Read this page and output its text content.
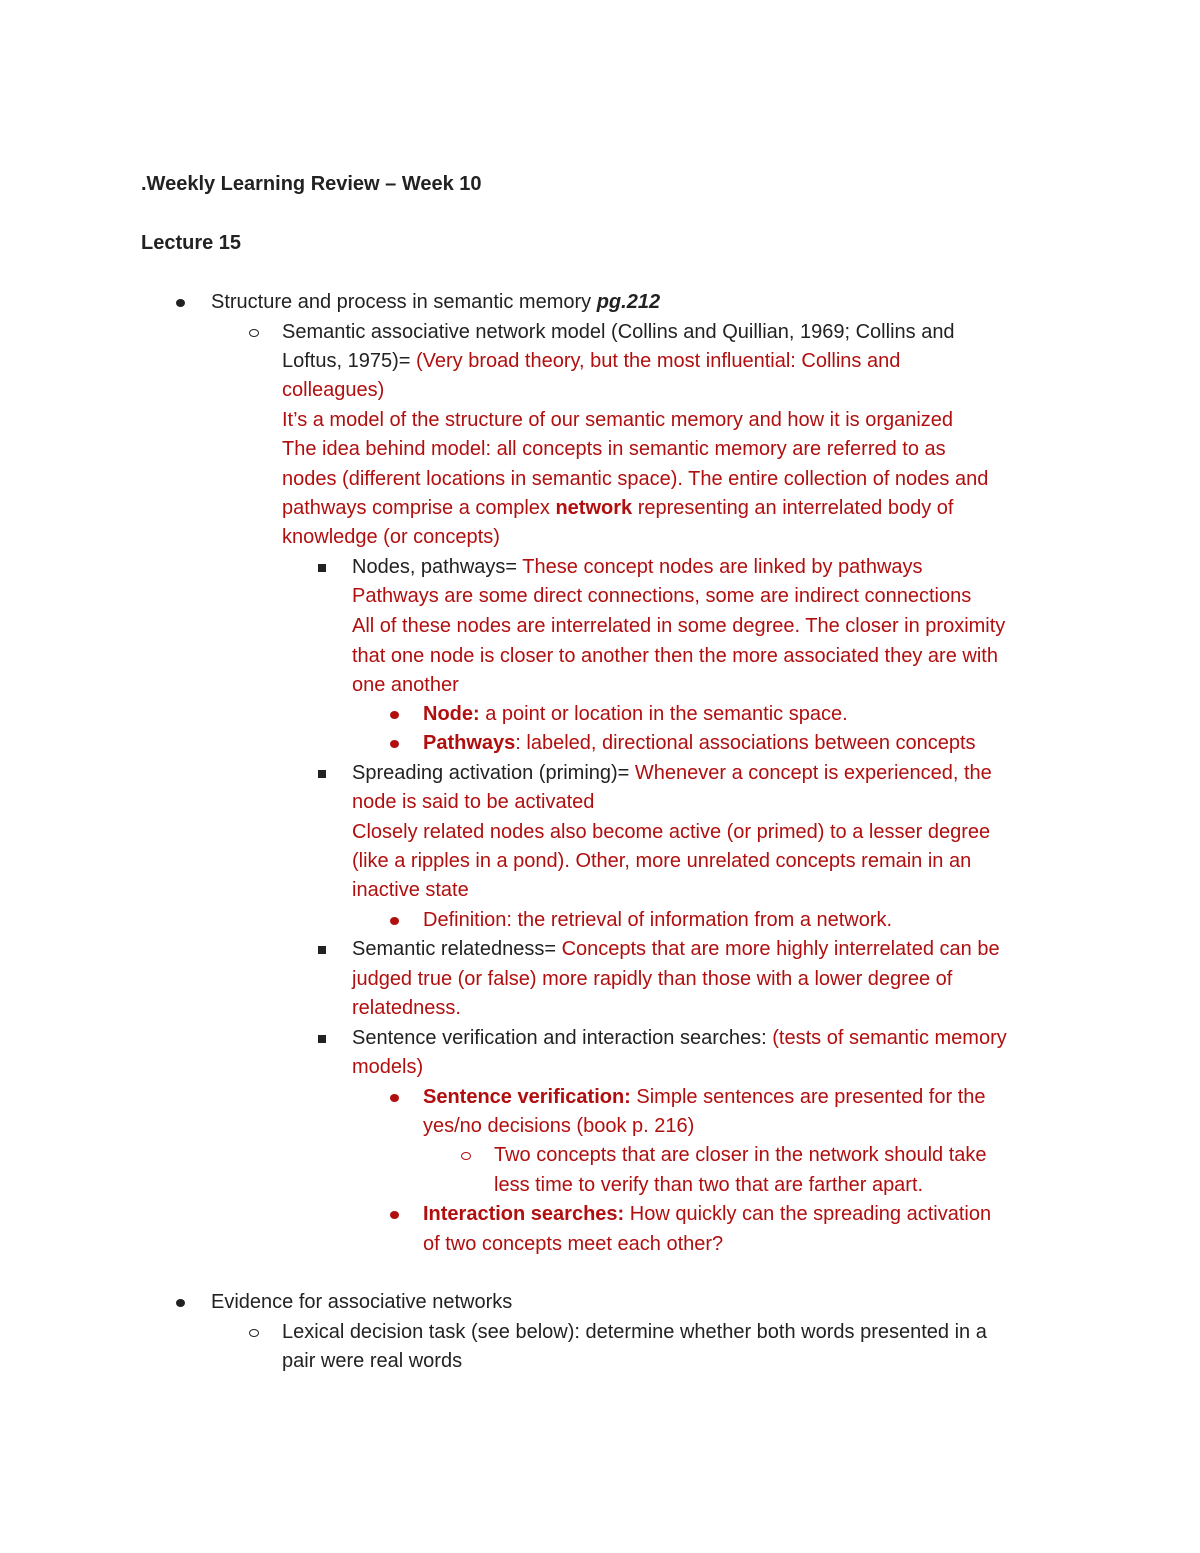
.Weekly Learning Review – Week 10
Lecture 15
Structure and process in semantic memory pg.212
Semantic associative network model (Collins and Quillian, 1969; Collins and
Loftus, 1975)= (Very broad theory, but the most influential: Collins and
colleagues)
It’s a model of the structure of our semantic memory and how it is organized
The idea behind model: all concepts in semantic memory are referred to as
nodes (different locations in semantic space). The entire collection of nodes and
pathways comprise a complex network representing an interrelated body of
knowledge (or concepts)
Nodes, pathways= These concept nodes are linked by pathways
Pathways are some direct connections, some are indirect connections
All of these nodes are interrelated in some degree. The closer in proximity
that one node is closer to another then the more associated they are with
one another
Node: a point or location in the semantic space.
Pathways: labeled, directional associations between concepts
Spreading activation (priming)= Whenever a concept is experienced, the
node is said to be activated
Closely related nodes also become active (or primed) to a lesser degree
(like a ripples in a pond). Other, more unrelated concepts remain in an
inactive state
Definition: the retrieval of information from a network.
Semantic relatedness= Concepts that are more highly interrelated can be
judged true (or false) more rapidly than those with a lower degree of
relatedness.
Sentence verification and interaction searches: (tests of semantic memory
models)
Sentence verification: Simple sentences are presented for the
yes/no decisions (book p. 216)
Two concepts that are closer in the network should take
less time to verify than two that are farther apart.
Interaction searches: How quickly can the spreading activation
of two concepts meet each other?
Evidence for associative networks
Lexical decision task (see below): determine whether both words presented in a
pair were real words
